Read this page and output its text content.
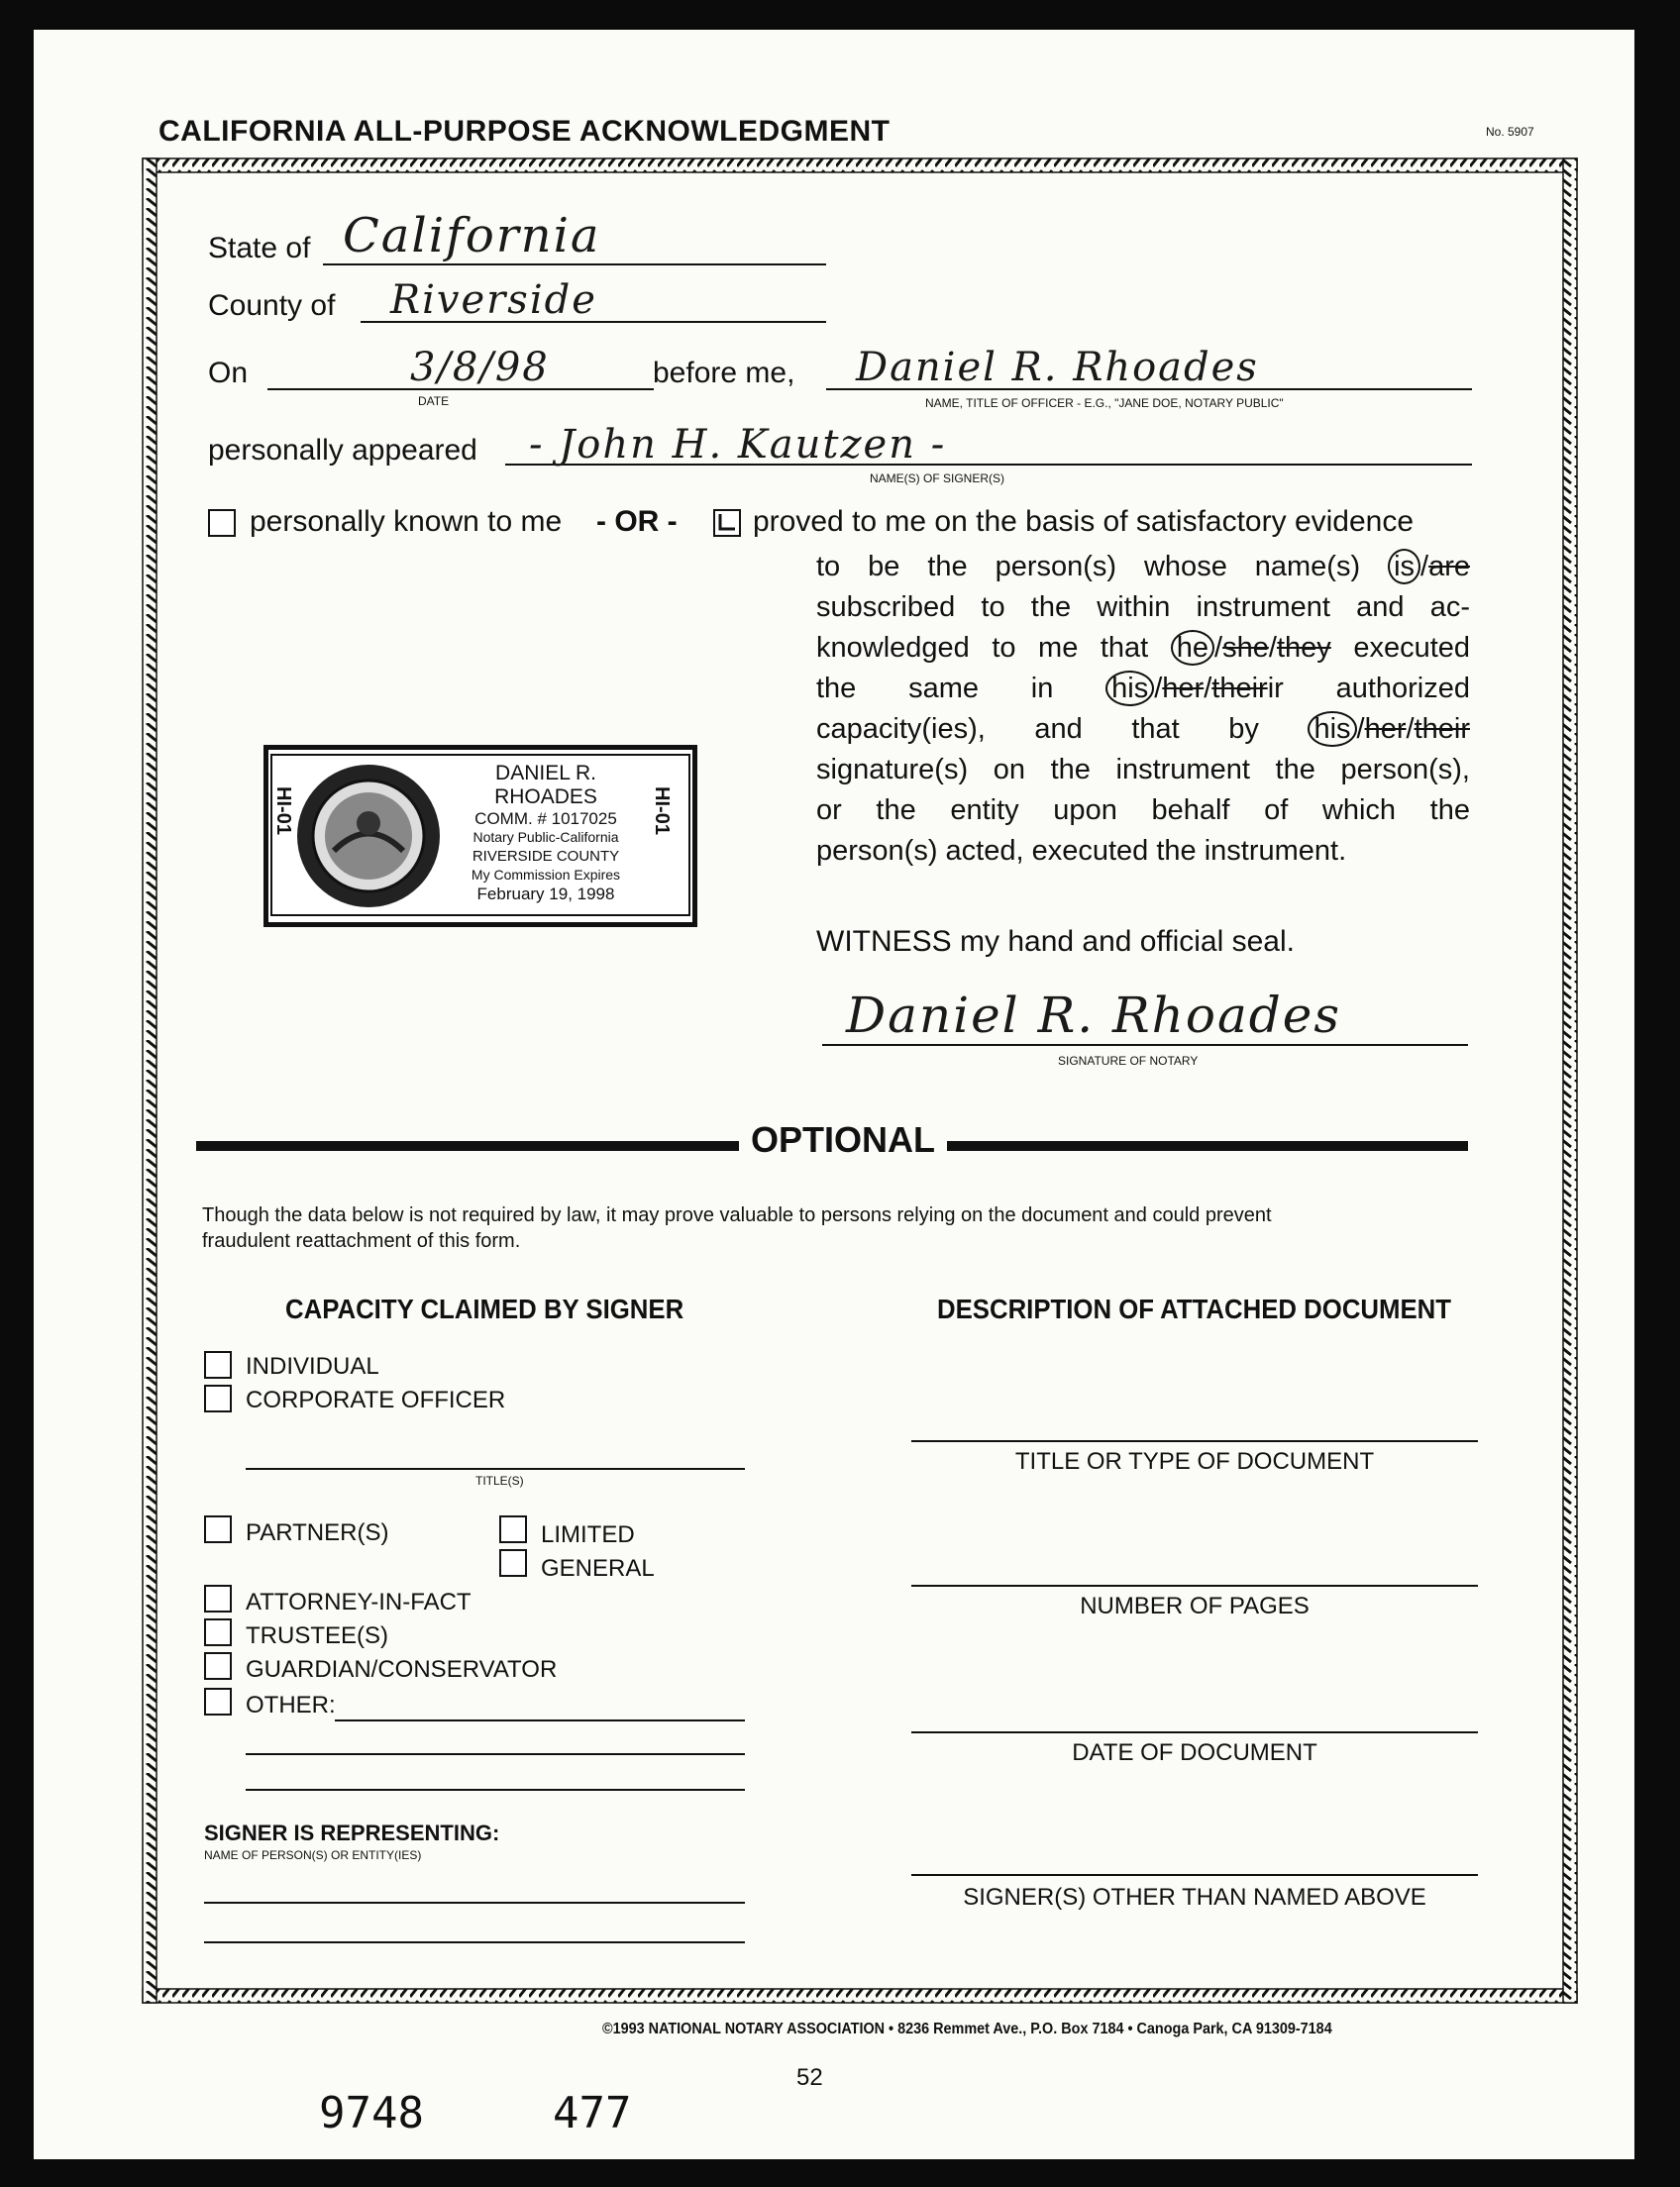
CALIFORNIA ALL-PURPOSE ACKNOWLEDGMENT	No. 5907
State of California
County of Riverside
On	3/8/98
DATE
before me, Daniel R. Rhoades
NAME, TITLE OF OFFICER - E.G., "JANE DOE, NOTARY PUBLIC"
personally appeared - John H. Kautzen -
NAME(S) OF SIGNER(S)
personally known to me - OR -	proved to me on the basis of satisfactory evidence
to be the person(s) whose name(s) is /are
subscribed to the within instrument and ac-
knowledged to me that he /she/they executed
the same in his /her/theirir authorized
capacity(ies), and that by his /her/their
signature(s) on the instrument the person(s),
or the entity upon behalf of which the
person(s) acted, executed the instrument.
HI-01	HI-01
DANIEL R. RHOADES
COMM. # 1017025
Notary Public-California
RIVERSIDE COUNTY
My Commission Expires
February 19, 1998
WITNESS my hand and official seal.
Daniel R. Rhoades
SIGNATURE OF NOTARY
OPTIONAL
Though the data below is not required by law, it may prove valuable to persons relying on the document and could prevent
fraudulent reattachment of this form.
CAPACITY CLAIMED BY SIGNER
INDIVIDUAL
CORPORATE OFFICER
TITLE(S)
PARTNER(S)	LIMITED
GENERAL
ATTORNEY-IN-FACT
TRUSTEE(S)
GUARDIAN/CONSERVATOR
OTHER:
SIGNER IS REPRESENTING:
NAME OF PERSON(S) OR ENTITY(IES)
DESCRIPTION OF ATTACHED DOCUMENT
TITLE OR TYPE OF DOCUMENT
NUMBER OF PAGES
DATE OF DOCUMENT
SIGNER(S) OTHER THAN NAMED ABOVE
©1993 NATIONAL NOTARY ASSOCIATION • 8236 Remmet Ave., P.O. Box 7184 • Canoga Park, CA 91309-7184
52
9748	477
